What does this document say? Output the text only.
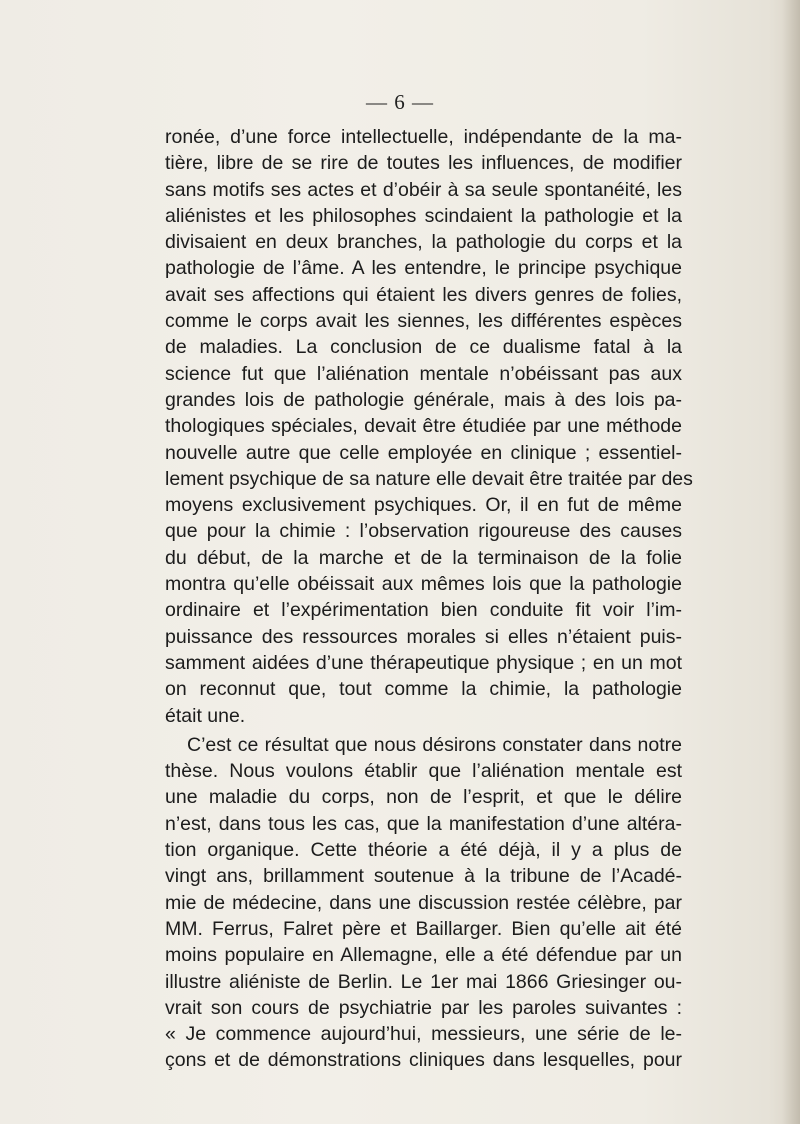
— 6 —
ronée, d’une force intellectuelle, indépendante de la ma-
tière, libre de se rire de toutes les influences, de modifier
sans motifs ses actes et d’obéir à sa seule spontanéité, les
aliénistes et les philosophes scindaient la pathologie et la
divisaient en deux branches, la pathologie du corps et la
pathologie de l’âme. A les entendre, le principe psychique
avait ses affections qui étaient les divers genres de folies,
comme le corps avait les siennes, les différentes espèces
de maladies. La conclusion de ce dualisme fatal à la
science fut que l’aliénation mentale n’obéissant pas aux
grandes lois de pathologie générale, mais à des lois pa-
thologiques spéciales, devait être étudiée par une méthode
nouvelle autre que celle employée en clinique ; essentiel-
lement psychique de sa nature elle devait être traitée par des
moyens exclusivement psychiques. Or, il en fut de même
que pour la chimie : l’observation rigoureuse des causes
du début, de la marche et de la terminaison de la folie
montra qu’elle obéissait aux mêmes lois que la pathologie
ordinaire et l’expérimentation bien conduite fit voir l’im-
puissance des ressources morales si elles n’étaient puis-
samment aidées d’une thérapeutique physique ; en un mot
on reconnut que, tout comme la chimie, la pathologie
était une.
C’est ce résultat que nous désirons constater dans notre
thèse. Nous voulons établir que l’aliénation mentale est
une maladie du corps, non de l’esprit, et que le délire
n’est, dans tous les cas, que la manifestation d’une altéra-
tion organique. Cette théorie a été déjà, il y a plus de
vingt ans, brillamment soutenue à la tribune de l’Acadé-
mie de médecine, dans une discussion restée célèbre, par
MM. Ferrus, Falret père et Baillarger. Bien qu’elle ait été
moins populaire en Allemagne, elle a été défendue par un
illustre aliéniste de Berlin. Le 1er mai 1866 Griesinger ou-
vrait son cours de psychiatrie par les paroles suivantes :
« Je commence aujourd’hui, messieurs, une série de le-
çons et de démonstrations cliniques dans lesquelles, pour
